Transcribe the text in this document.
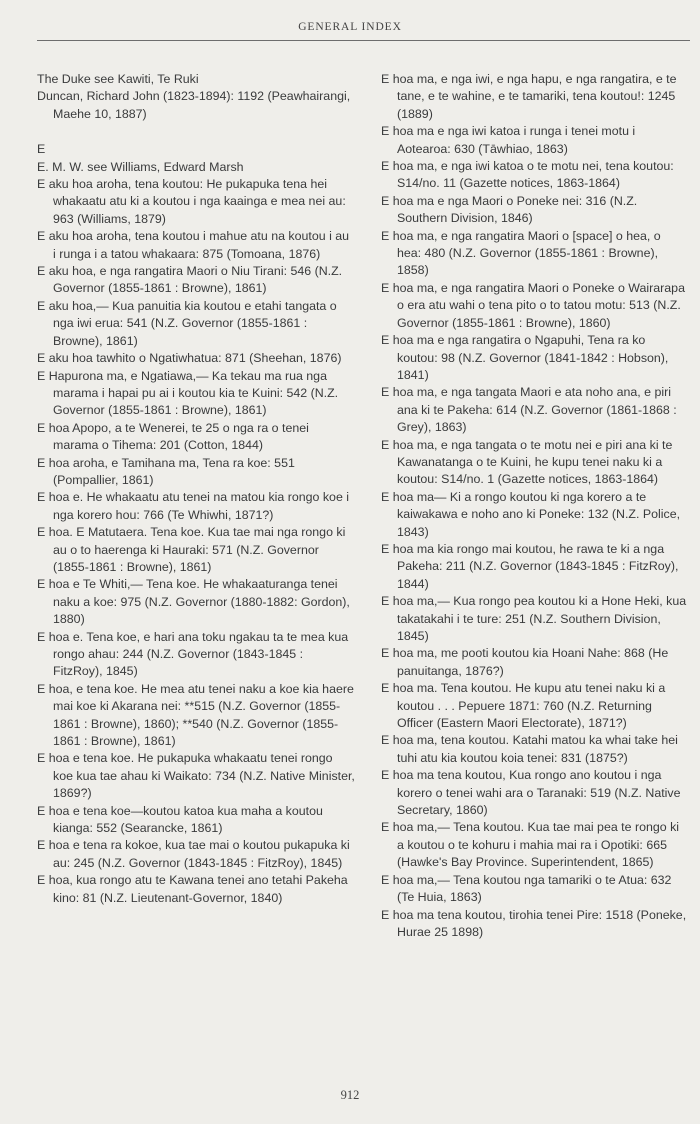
GENERAL INDEX

The Duke see Kawiti, Te Ruki

Duncan, Richard John (1823-1894): 1192 (Peawhairangi, Maehe 10, 1887)

E

E. M. W. see Williams, Edward Marsh

E aku hoa aroha, tena koutou: He pukapuka tena hei whakaatu atu ki a koutou i nga kaainga e mea nei au: 963 (Williams, 1879)

E aku hoa aroha, tena koutou i mahue atu na koutou i au i runga i a tatou whakaara: 875 (Tomoana, 1876)

E aku hoa, e nga rangatira Maori o Niu Tirani: 546 (N.Z. Governor (1855-1861 : Browne), 1861)

E aku hoa,— Kua panuitia kia koutou e etahi tangata o nga iwi erua: 541 (N.Z. Governor (1855-1861 : Browne), 1861)

E aku hoa tawhito o Ngatiwhatua: 871 (Sheehan, 1876)

E Hapurona ma, e Ngatiawa,— Ka tekau ma rua nga marama i hapai pu ai i koutou kia te Kuini: 542 (N.Z. Governor (1855-1861 : Browne), 1861)

E hoa Apopo, a te Wenerei, te 25 o nga ra o tenei marama o Tihema: 201 (Cotton, 1844)

E hoa aroha, e Tamihana ma, Tena ra koe: 551 (Pompallier, 1861)

E hoa e. He whakaatu atu tenei na matou kia rongo koe i nga korero hou: 766 (Te Whiwhi, 1871?)

E hoa. E Matutaera. Tena koe. Kua tae mai nga rongo ki au o to haerenga ki Hauraki: 571 (N.Z. Governor (1855-1861 : Browne), 1861)

E hoa e Te Whiti,— Tena koe. He whakaaturanga tenei naku a koe: 975 (N.Z. Governor (1880-1882: Gordon), 1880)

E hoa e. Tena koe, e hari ana toku ngakau ta te mea kua rongo ahau: 244 (N.Z. Governor (1843-1845 : FitzRoy), 1845)

E hoa, e tena koe. He mea atu tenei naku a koe kia haere mai koe ki Akarana nei: **515 (N.Z. Governor (1855-1861 : Browne), 1860); **540 (N.Z. Governor (1855-1861 : Browne), 1861)

E hoa e tena koe. He pukapuka whakaatu tenei rongo koe kua tae ahau ki Waikato: 734 (N.Z. Native Minister, 1869?)

E hoa e tena koe—koutou katoa kua maha a koutou kianga: 552 (Searancke, 1861)

E hoa e tena ra kokoe, kua tae mai o koutou pukapuka ki au: 245 (N.Z. Governor (1843-1845 : FitzRoy), 1845)

E hoa, kua rongo atu te Kawana tenei ano tetahi Pakeha kino: 81 (N.Z. Lieutenant-Governor, 1840)

E hoa ma, e nga iwi, e nga hapu, e nga rangatira, e te tane, e te wahine, e te tamariki, tena koutou!: 1245 (1889)

E hoa ma e nga iwi katoa i runga i tenei motu i Aotearoa: 630 (Tāwhiao, 1863)

E hoa ma, e nga iwi katoa o te motu nei, tena koutou: S14/no. 11 (Gazette notices, 1863-1864)

E hoa ma e nga Maori o Poneke nei: 316 (N.Z. Southern Division, 1846)

E hoa ma, e nga rangatira Maori o [space] o hea, o hea: 480 (N.Z. Governor (1855-1861 : Browne), 1858)

E hoa ma, e nga rangatira Maori o Poneke o Wairarapa o era atu wahi o tena pito o to tatou motu: 513 (N.Z. Governor (1855-1861 : Browne), 1860)

E hoa ma e nga rangatira o Ngapuhi, Tena ra ko koutou: 98 (N.Z. Governor (1841-1842 : Hobson), 1841)

E hoa ma, e nga tangata Maori e ata noho ana, e piri ana ki te Pakeha: 614 (N.Z. Governor (1861-1868 : Grey), 1863)

E hoa ma, e nga tangata o te motu nei e piri ana ki te Kawanatanga o te Kuini, he kupu tenei naku ki a koutou: S14/no. 1 (Gazette notices, 1863-1864)

E hoa ma— Ki a rongo koutou ki nga korero a te kaiwakawa e noho ano ki Poneke: 132 (N.Z. Police, 1843)

E hoa ma kia rongo mai koutou, he rawa te ki a nga Pakeha: 211 (N.Z. Governor (1843-1845 : FitzRoy), 1844)

E hoa ma,— Kua rongo pea koutou ki a Hone Heki, kua takatakahi i te ture: 251 (N.Z. Southern Division, 1845)

E hoa ma, me pooti koutou kia Hoani Nahe: 868 (He panuitanga, 1876?)

E hoa ma. Tena koutou. He kupu atu tenei naku ki a koutou . . . Pepuere 1871: 760 (N.Z. Returning Officer (Eastern Maori Electorate), 1871?)

E hoa ma, tena koutou. Katahi matou ka whai take hei tuhi atu kia koutou koia tenei: 831 (1875?)

E hoa ma tena koutou, Kua rongo ano koutou i nga korero o tenei wahi ara o Taranaki: 519 (N.Z. Native Secretary, 1860)

E hoa ma,— Tena koutou. Kua tae mai pea te rongo ki a koutou o te kohuru i mahia mai ra i Opotiki: 665 (Hawke's Bay Province. Superintendent, 1865)

E hoa ma,— Tena koutou nga tamariki o te Atua: 632 (Te Huia, 1863)

E hoa ma tena koutou, tirohia tenei Pire: 1518 (Poneke, Hurae 25 1898)

912
